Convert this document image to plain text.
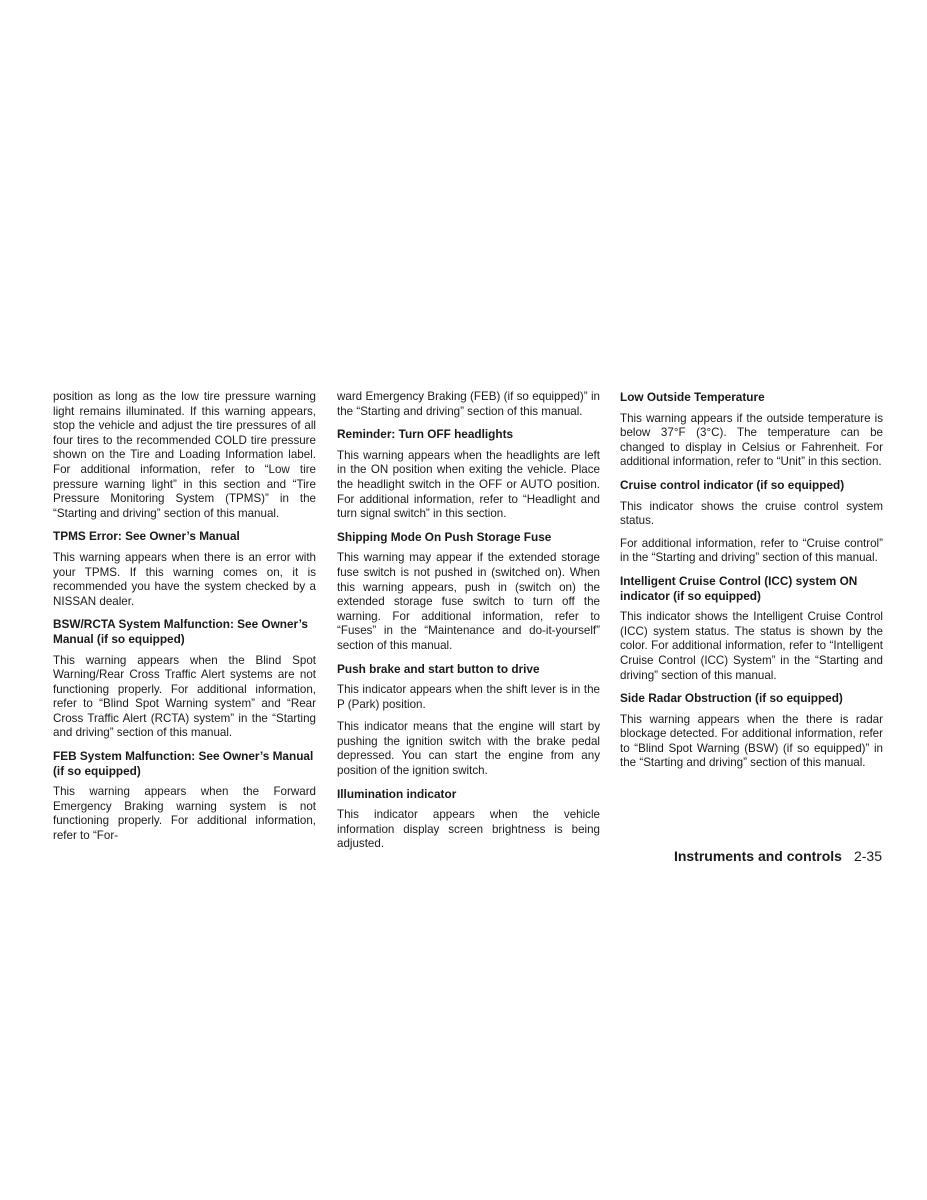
position as long as the low tire pressure warning light remains illuminated. If this warning appears, stop the vehicle and adjust the tire pressures of all four tires to the recommended COLD tire pressure shown on the Tire and Loading Information label. For additional information, refer to “Low tire pressure warning light” in this section and “Tire Pressure Monitoring System (TPMS)” in the “Starting and driving” section of this manual.

TPMS Error: See Owner’s Manual

This warning appears when there is an error with your TPMS. If this warning comes on, it is recommended you have the system checked by a NISSAN dealer.

BSW/RCTA System Malfunction: See Owner’s Manual (if so equipped)

This warning appears when the Blind Spot Warning/Rear Cross Traffic Alert systems are not functioning properly. For additional information, refer to “Blind Spot Warning system” and “Rear Cross Traffic Alert (RCTA) system” in the “Starting and driving” section of this manual.

FEB System Malfunction: See Owner’s Manual (if so equipped)

This warning appears when the Forward Emergency Braking warning system is not functioning properly. For additional information, refer to “For-

ward Emergency Braking (FEB) (if so equipped)” in the “Starting and driving” section of this manual.

Reminder: Turn OFF headlights

This warning appears when the headlights are left in the ON position when exiting the vehicle. Place the headlight switch in the OFF or AUTO position. For additional information, refer to “Headlight and turn signal switch” in this section.

Shipping Mode On Push Storage Fuse

This warning may appear if the extended storage fuse switch is not pushed in (switched on). When this warning appears, push in (switch on) the extended storage fuse switch to turn off the warning. For additional information, refer to “Fuses” in the “Maintenance and do-it-yourself” section of this manual.

Push brake and start button to drive

This indicator appears when the shift lever is in the P (Park) position.

This indicator means that the engine will start by pushing the ignition switch with the brake pedal depressed. You can start the engine from any position of the ignition switch.

Illumination indicator

This indicator appears when the vehicle information display screen brightness is being adjusted.

Low Outside Temperature

This warning appears if the outside temperature is below 37°F (3°C). The temperature can be changed to display in Celsius or Fahrenheit. For additional information, refer to “Unit” in this section.

Cruise control indicator (if so equipped)

This indicator shows the cruise control system status.

For additional information, refer to “Cruise control” in the “Starting and driving” section of this manual.

Intelligent Cruise Control (ICC) system ON indicator (if so equipped)

This indicator shows the Intelligent Cruise Control (ICC) system status. The status is shown by the color. For additional information, refer to “Intelligent Cruise Control (ICC) System” in the “Starting and driving” section of this manual.

Side Radar Obstruction (if so equipped)

This warning appears when the there is radar blockage detected. For additional information, refer to “Blind Spot Warning (BSW) (if so equipped)” in the “Starting and driving” section of this manual.

Instruments and controls 2-35
